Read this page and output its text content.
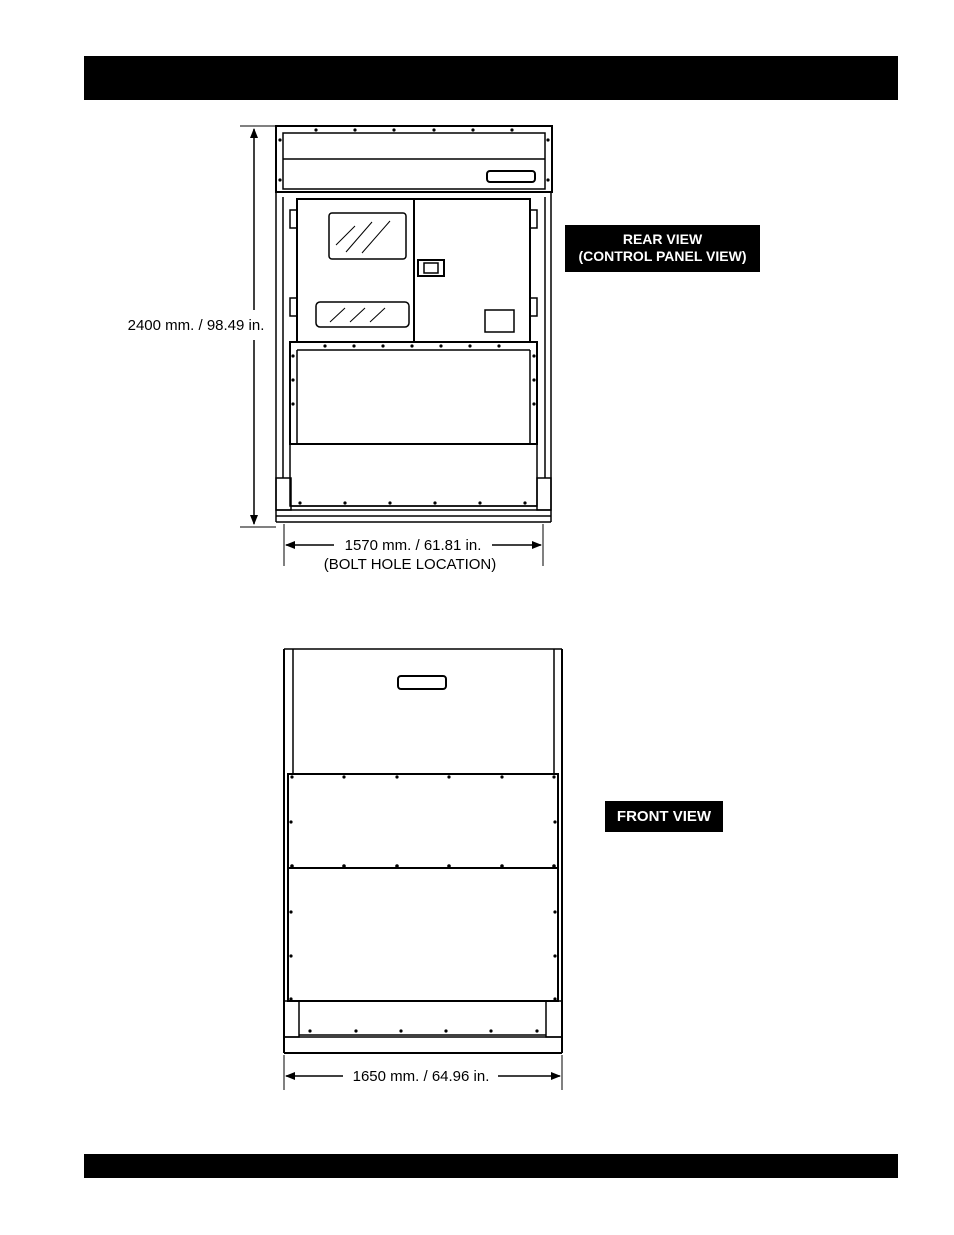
2400 mm. / 98.49 in.
1570 mm. / 61.81 in.
(BOLT HOLE LOCATION)
1650 mm. / 64.96 in.
REAR VIEW
(CONTROL PANEL VIEW)
FRONT VIEW
